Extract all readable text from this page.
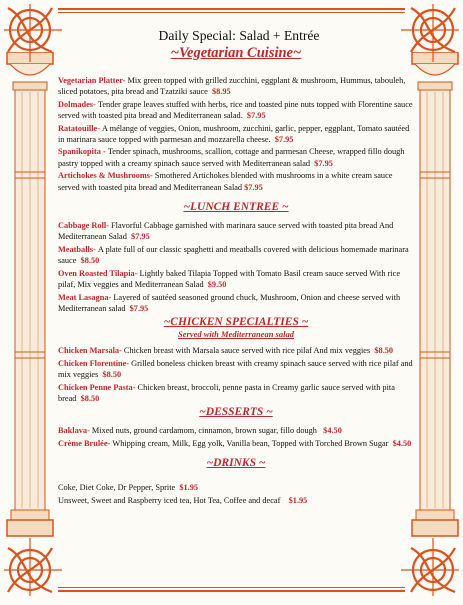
Daily Special: Salad + Entrée
~Vegetarian Cuisine~
Vegetarian Platter- Mix green topped with grilled zucchini, eggplant & mushroom, Hummus, tabouleh, sliced potatoes, pita bread and Tzatziki sauce $8.95
Dolmades- Tender grape leaves stuffed with herbs, rice and toasted pine nuts topped with Florentine sauce served with toasted pita bread and Mediterranean salad. $7.95
Ratatouille- A mélange of veggies, Onion, mushroom, zucchini, garlic, pepper, eggplant, Tomato sautéed in marinara sauce topped with parmesan and mozzarella cheese. $7.95
Spanikopita - Tender spinach, mushrooms, scallion, cottage and parmesan Cheese, wrapped fillo dough pastry topped with a creamy spinach sauce served with Mediterranean salad $7.95
Artichokes & Mushrooms- Smothered Artichokes blended with mushrooms in a white cream sauce served with toasted pita bread and Mediterranean Salad $7.95
~LUNCH ENTREE ~
Cabbage Roll- Flavorful Cabbage garnished with marinara sauce served with toasted pita bread And Mediterranean Salad $7.95
Meatballs- A plate full of our classic spaghetti and meatballs covered with delicious homemade marinara sauce $8.50
Oven Roasted Tilapia- Lightly baked Tilapia Topped with Tomato Basil cream sauce served With rice pilaf, Mix veggies and Mediterranean Salad $9.50
Meat Lasagna- Layered of sautéed seasoned ground chuck, Mushroom, Onion and cheese served with Mediterranean salad $7.95
~CHICKEN SPECIALTIES ~
Served with Mediterranean salad
Chicken Marsala- Chicken breast with Marsala sauce served with rice pilaf And mix veggies $8.50
Chicken Florentine- Grilled boneless chicken breast with creamy spinach sauce served with rice pilaf and mix veggies $8.50
Chicken Penne Pasta- Chicken breast, broccoli, penne pasta in Creamy garlic sauce served with pita bread $8.50
~DESSERTS ~
Baklava- Mixed nuts, ground cardamom, cinnamon, brown sugar, fillo dough $4.50
Crème Brulée- Whipping cream, Milk, Egg yolk, Vanilla bean, Topped with Torched Brown Sugar $4.50
~DRINKS ~
Coke, Diet Coke, Dr Pepper, Sprite $1.95
Unsweet, Sweet and Raspberry iced tea, Hot Tea, Coffee and decaf $1.95
